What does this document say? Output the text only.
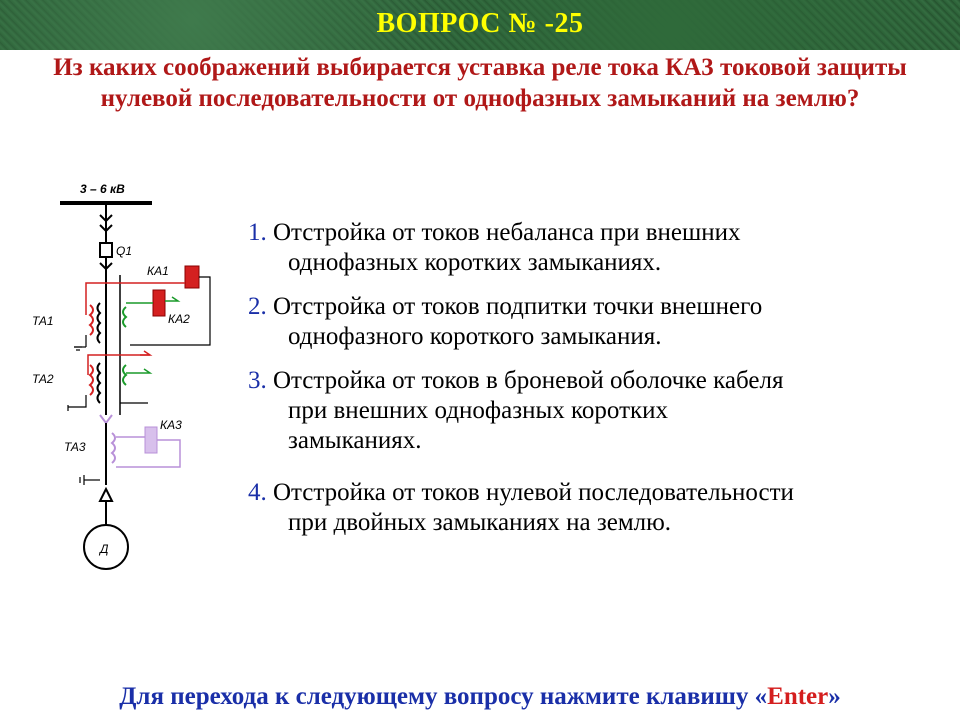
ВОПРОС № -25
Из каких соображений выбирается уставка реле тока КА3 токовой защиты нулевой последовательности от однофазных замыканий на землю?
3 – 6 кВ
Q1
КА1
КА2
ТА1
ТА2
ТА3
КА3
Д
1. Отстройка от токов небаланса при внешних
однофазных коротких замыканиях.
2. Отстройка от токов подпитки точки внешнего
однофазного короткого замыкания.
3. Отстройка от токов в броневой оболочке кабеля
при внешних однофазных коротких
замыканиях.
4. Отстройка от токов нулевой последовательности
при двойных замыканиях на землю.
Для перехода к следующему вопросу нажмите клавишу «Enter»
